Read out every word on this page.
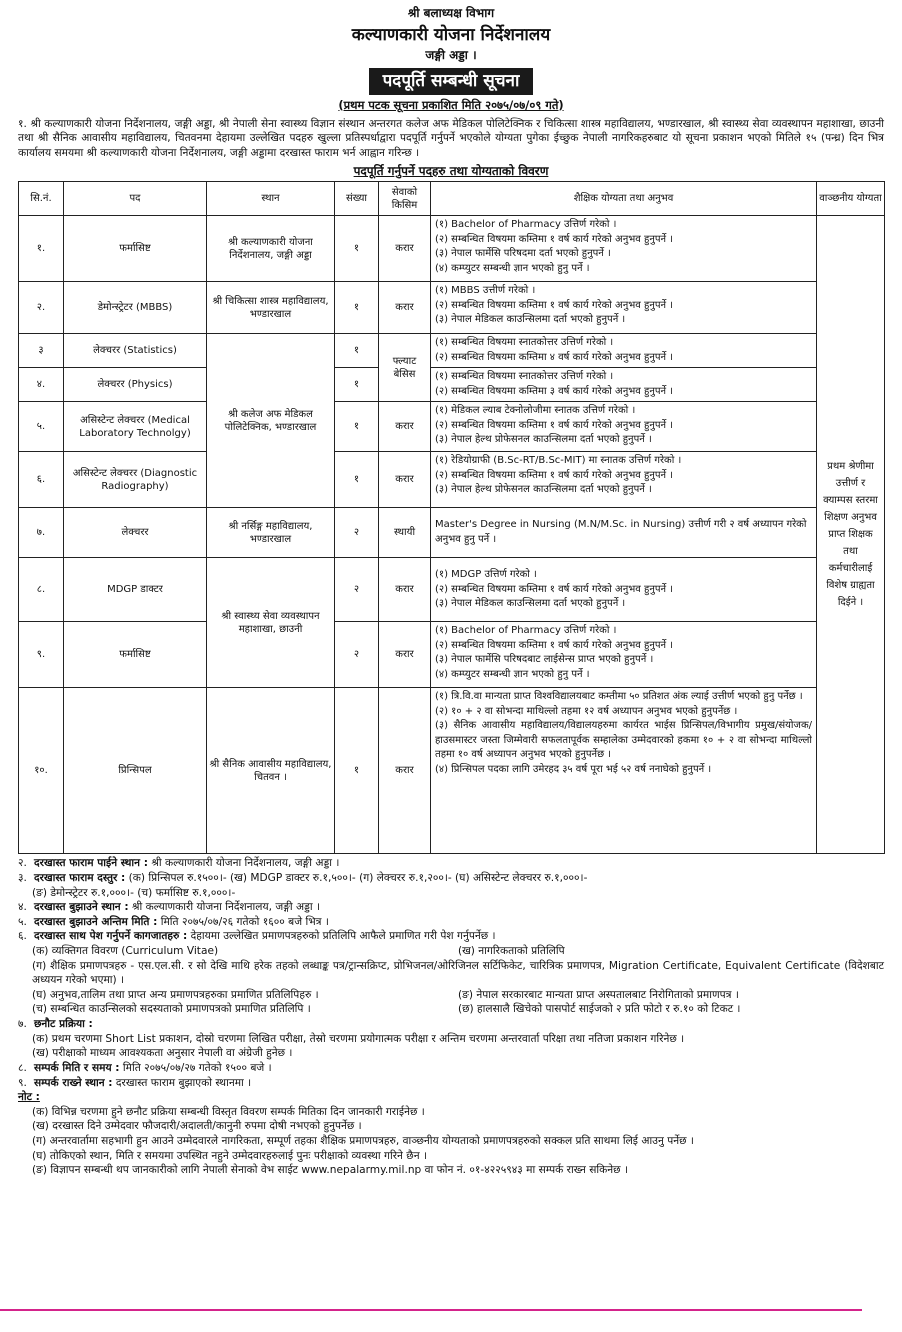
श्री बलाध्यक्ष विभाग
कल्याणकारी योजना निर्देशनालय
जङ्गी अड्डा ।
पदपूर्ति सम्बन्धी सूचना
(प्रथम पटक सूचना प्रकाशित मिति २०७५/०७/०९ गते)
१. श्री कल्याणकारी योजना निर्देशनालय, जङ्गी अड्डा, श्री नेपाली सेना स्वास्थ्य विज्ञान संस्थान अन्तरगत कलेज अफ मेडिकल पोलिटेक्निक र चिकित्सा शास्त्र महाविद्यालय, भण्डारखाल, श्री स्वास्थ्य सेवा व्यवस्थापन महाशाखा, छाउनी तथा श्री सैनिक आवासीय महाविद्यालय, चितवनमा देहायमा उल्लेखित पदहरु खुल्ला प्रतिस्पर्धाद्वारा पदपूर्ति गर्नुपर्ने भएकोले योग्यता पुगेका ईच्छुक नेपाली नागरिकहरुबाट यो सूचना प्रकाशन भएको मितिले १५ (पन्ध्र) दिन भित्र कार्यालय समयमा श्री कल्याणकारी योजना निर्देशनालय, जङ्गी अड्डामा दरखास्त फाराम भर्न आह्वान गरिन्छ ।
पदपूर्ति गर्नुपर्ने पदहरु तथा योग्यताको विवरण
सि.नं.	पद	स्थान	संख्या	सेवाको किसिम	शैक्षिक योग्यता तथा अनुभव	वाञ्छनीय योग्यता
१.	फर्मासिष्ट	श्री कल्याणकारी योजना निर्देशनालय, जङ्गी अड्डा	१	करार	(१) Bachelor of Pharmacy उत्तिर्ण गरेको ।
(२) सम्बन्धित विषयमा कम्तिमा १ वर्ष कार्य गरेको अनुभव हुनुपर्ने ।
(३) नेपाल फार्मेसि परिषदमा दर्ता भएको हुनुपर्ने ।
(४) कम्प्युटर सम्बन्धी ज्ञान भएको हुनु पर्ने ।	प्रथम श्रेणीमा उत्तीर्ण र क्याम्पस स्तरमा शिक्षण अनुभव प्राप्त शिक्षक तथा कर्मचारीलाई विशेष ग्राह्यता दिईने ।
२.	डेमोन्स्ट्रेटर (MBBS)	श्री चिकित्सा शास्त्र महाविद्यालय, भण्डारखाल	१	करार	(१) MBBS उत्तीर्ण गरेको ।
(२) सम्बन्धित विषयमा कम्तिमा १ वर्ष कार्य गरेको अनुभव हुनुपर्ने ।
(३) नेपाल मेडिकल काउन्सिलमा दर्ता भएको हुनुपर्ने ।	

३	लेक्चरर (Statistics)	श्री कलेज अफ मेडिकल पोलिटेक्निक, भण्डारखाल	१	फ्ल्याट बेसिस	(१) सम्बन्धित विषयमा स्नातकोत्तर उत्तिर्ण गरेको ।
(२) सम्बन्धित विषयमा कम्तिमा ४ वर्ष कार्य गरेको अनुभव हुनुपर्ने ।	

४.	लेक्चरर (Physics)		१		(१) सम्बन्धित विषयमा स्नातकोत्तर उत्तिर्ण गरेको ।
(२) सम्बन्धित विषयमा कम्तिमा ३ वर्ष कार्य गरेको अनुभव हुनुपर्ने ।	

५.	असिस्टेन्ट लेक्चरर (Medical Laboratory Technolgy)		१	करार	(१) मेडिकल ल्याब टेक्नोलोजीमा स्नातक उत्तिर्ण गरेको ।
(२) सम्बन्धित विषयमा कम्तिमा १ वर्ष कार्य गरेको अनुभव हुनुपर्ने ।
(३) नेपाल हेल्थ प्रोफेसनल काउन्सिलमा दर्ता भएको हुनुपर्ने ।	

६.	असिस्टेन्ट लेक्चरर (Diagnostic Radiography)		१	करार	(१) रेडियोग्राफी (B.Sc-RT/B.Sc-MIT) मा स्नातक उत्तिर्ण गरेको ।
(२) सम्बन्धित विषयमा कम्तिमा १ वर्ष कार्य गरेको अनुभव हुनुपर्ने ।
(३) नेपाल हेल्थ प्रोफेसनल काउन्सिलमा दर्ता भएको हुनुपर्ने ।	

७.	लेक्चरर	श्री नर्सिङ्ग महाविद्यालय, भण्डारखाल	२	स्थायी	Master's Degree in Nursing (M.N/M.Sc. in Nursing) उत्तीर्ण गरी २ वर्ष अध्यापन गरेको अनुभव हुनु पर्ने ।	

८.	MDGP डाक्टर	श्री स्वास्थ्य सेवा व्यवस्थापन महाशाखा, छाउनी	२	करार	(१) MDGP उत्तिर्ण गरेको ।
(२) सम्बन्धित विषयमा कम्तिमा १ वर्ष कार्य गरेको अनुभव हुनुपर्ने ।
(३) नेपाल मेडिकल काउन्सिलमा दर्ता भएको हुनुपर्ने ।	

९.	फर्मासिष्ट		२	करार	(१) Bachelor of Pharmacy उत्तिर्ण गरेको ।
(२) सम्बन्धित विषयमा कम्तिमा १ वर्ष कार्य गरेको अनुभव हुनुपर्ने ।
(३) नेपाल फार्मेसि परिषदबाट लाईसेन्स प्राप्त भएको हुनुपर्ने ।
(४) कम्प्युटर सम्बन्धी ज्ञान भएको हुनु पर्ने ।	

१०.	प्रिन्सिपल	श्री सैनिक आवासीय महाविद्यालय, चितवन ।	१	करार	(१) त्रि.वि.वा मान्यता प्राप्त विश्वविद्यालयबाट कम्तीमा ५० प्रतिशत अंक ल्याई उत्तीर्ण भएको हुनु पर्नेछ ।
(२) १० + २ वा सोभन्दा माथिल्लो तहमा १२ वर्ष अध्यापन अनुभव भएको हुनुपर्नेछ ।
(३) सैनिक आवासीय महाविद्यालय/विद्यालयहरुमा कार्यरत भाईस प्रिन्सिपल/विभागीय प्रमुख/संयोजक/हाउसमास्टर जस्ता जिम्मेवारी सफलतापूर्वक सम्हालेका उम्मेदवारको हकमा १० + २ वा सोभन्दा माथिल्लो तहमा १० वर्ष अध्यापन अनुभव भएको हुनुपर्नेछ ।
(४) प्रिन्सिपल पदका लागि उमेरहद ३५ वर्ष पूरा भई ५२ वर्ष ननाघेको हुनुपर्ने ।	
२. दरखास्त फाराम पाईने स्थान : श्री कल्याणकारी योजना निर्देशनालय, जङ्गी अड्डा ।
३. दरखास्त फाराम दस्तुर : (क) प्रिन्सिपल रु.१५००।- (ख) MDGP डाक्टर रु.१,५००।- (ग) लेक्चरर रु.१,२००।- (घ) असिस्टेन्ट लेक्चरर रु.१,०००।-
(ङ) डेमोन्स्ट्रेटर रु.१,०००।- (च) फर्मासिष्ट रु.१,०००।-
४. दरखास्त बुझाउने स्थान : श्री कल्याणकारी योजना निर्देशनालय, जङ्गी अड्डा ।
५. दरखास्त बुझाउने अन्तिम मिति : मिति २०७५/०७/२६ गतेको १६०० बजे भित्र ।
६. दरखास्त साथ पेश गर्नुपर्ने कागजातहरु : देहायमा उल्लेखित प्रमाणपत्रहरुको प्रतिलिपि आफैले प्रमाणित गरी पेश गर्नुपर्नेछ ।
(क) व्यक्तिगत विवरण (Curriculum Vitae)	(ख) नागरिकताको प्रतिलिपि
(ग) शैक्षिक प्रमाणपत्रहरु - एस.एल.सी. र सो देखि माथि हरेक तहको लब्धाङ्क पत्र/ट्रान्सक्रिप्ट, प्रोभिजनल/ओरिजिनल सर्टिफिकेट, चारित्रिक प्रमाणपत्र, Migration Certificate, Equivalent Certificate (विदेशबाट अध्ययन गरेको भएमा) ।
(घ) अनुभव,तालिम तथा प्राप्त अन्य प्रमाणपत्रहरुका प्रमाणित प्रतिलिपिहरु ।	(ङ) नेपाल सरकारबाट मान्यता प्राप्त अस्पतालबाट निरोगिताको प्रमाणपत्र ।
(च) सम्बन्धित काउन्सिलको सदस्यताको प्रमाणपत्रको प्रमाणित प्रतिलिपि ।	(छ) हालसालै खिचेको पासपोर्ट साईजको २ प्रति फोटो र रु.१० को टिकट ।
७. छनौट प्रक्रिया :
(क) प्रथम चरणमा Short List प्रकाशन, दोस्रो चरणमा लिखित परीक्षा, तेस्रो चरणमा प्रयोगात्मक परीक्षा र अन्तिम चरणमा अन्तरवार्ता परिक्षा तथा नतिजा प्रकाशन गरिनेछ ।
(ख) परीक्षाको माध्यम आवश्यकता अनुसार नेपाली वा अंग्रेजी हुनेछ ।
८. सम्पर्क मिति र समय : मिति २०७५/०७/२७ गतेको १५०० बजे ।
९. सम्पर्क राख्ने स्थान : दरखास्त फाराम बुझाएको स्थानमा ।
नोट :
(क) विभिन्न चरणमा हुने छनौट प्रक्रिया सम्बन्धी विस्तृत विवरण सम्पर्क मितिका दिन जानकारी गराईनेछ ।
(ख) दरखास्त दिने उम्मेदवार फौजदारी/अदालती/कानुनी रुपमा दोषी नभएको हुनुपर्नेछ ।
(ग) अन्तरवार्तामा सहभागी हुन आउने उम्मेदवारले नागरिकता, सम्पूर्ण तहका शैक्षिक प्रमाणपत्रहरु, वाञ्छनीय योग्यताको प्रमाणपत्रहरुको सक्कल प्रति साथमा लिई आउनु पर्नेछ ।
(घ) तोकिएको स्थान, मिति र समयमा उपस्थित नहुने उम्मेदवारहरुलाई पुनः परीक्षाको व्यवस्था गरिने छैन ।
(ङ) विज्ञापन सम्बन्धी थप जानकारीको लागि नेपाली सेनाको वेभ साईट www.nepalarmy.mil.np वा फोन नं. ०१-४२२५९४३ मा सम्पर्क राख्न सकिनेछ ।
